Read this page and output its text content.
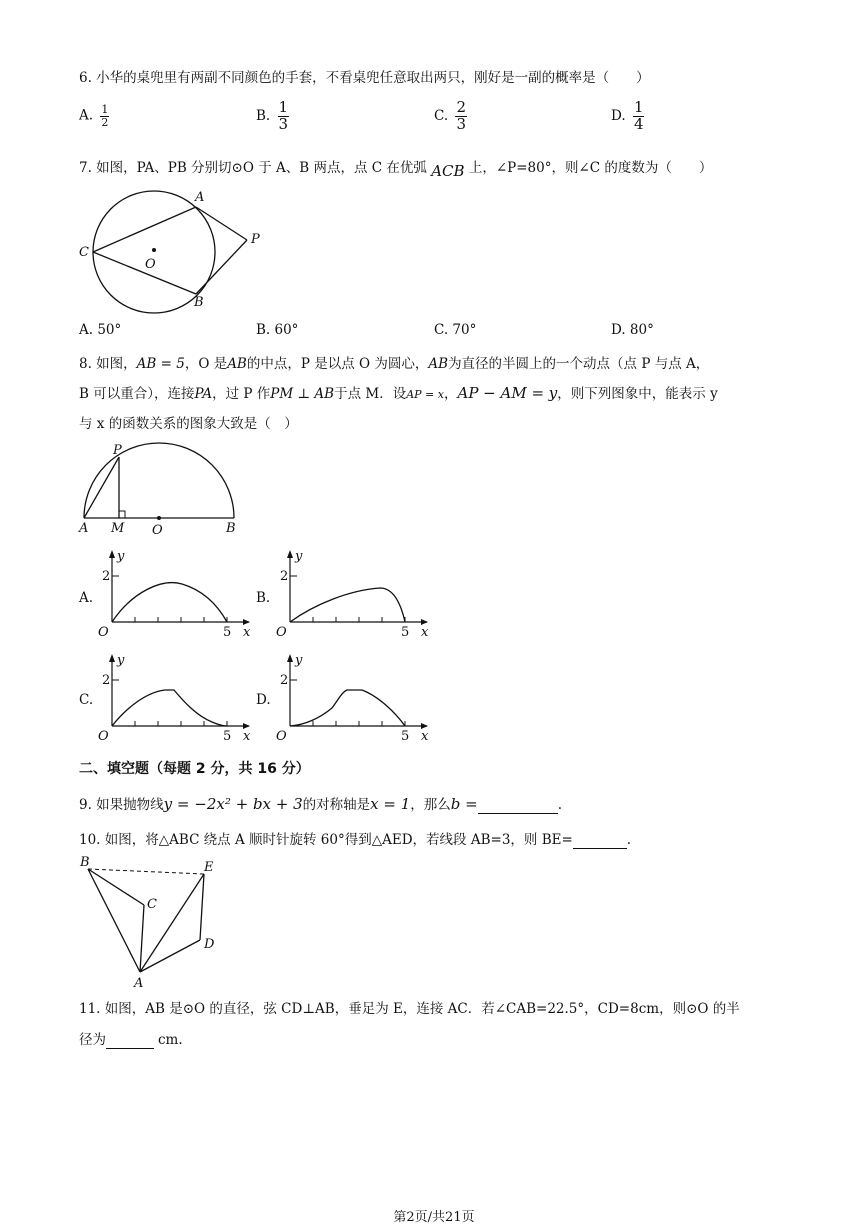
6. 小华的桌兜里有两副不同颜色的手套，不看桌兜任意取出两只，刚好是一副的概率是（　　）
A. $\frac{1}{2}$	B. $\frac{1}{3}$	C. $\frac{2}{3}$	D. $\frac{1}{4}$
7. 如图，PA、PB 分别切⊙O 于 A、B 两点，点 C 在优弧 ACB 上，∠P=80°，则∠C 的度数为（　　）
A
B
C
O
P
A. 50°	B. 60°	C. 70°	D. 80°
8. 如图，AB = 5，O 是AB的中点，P 是以点 O 为圆心，AB为直径的半圆上的一个动点（点 P 与点 A，
B 可以重合），连接PA，过 P 作PM ⊥ AB于点 M．设AP = x，AP − AM = y，则下列图象中，能表示 y
与 x 的函数关系的图象大致是（　）
P
A M O	B
A.
y
2
O	5 x
B.
y
2
O	5 x
C.
y
2
O	5 x
D.
y
2
O	5 x
二、填空题（每题 2 分，共 16 分）
9. 如果抛物线y = −2x² + bx + 3的对称轴是x = 1，那么b =	.
10. 如图，将△ABC 绕点 A 顺时针旋转 60°得到△AED，若线段 AB=3，则 BE=	.
B	E
C
D
A
11. 如图，AB 是⊙O 的直径，弦 CD⊥AB，垂足为 E，连接 AC．若∠CAB=22.5°，CD=8cm，则⊙O 的半
径为	cm.
第2页/共21页
